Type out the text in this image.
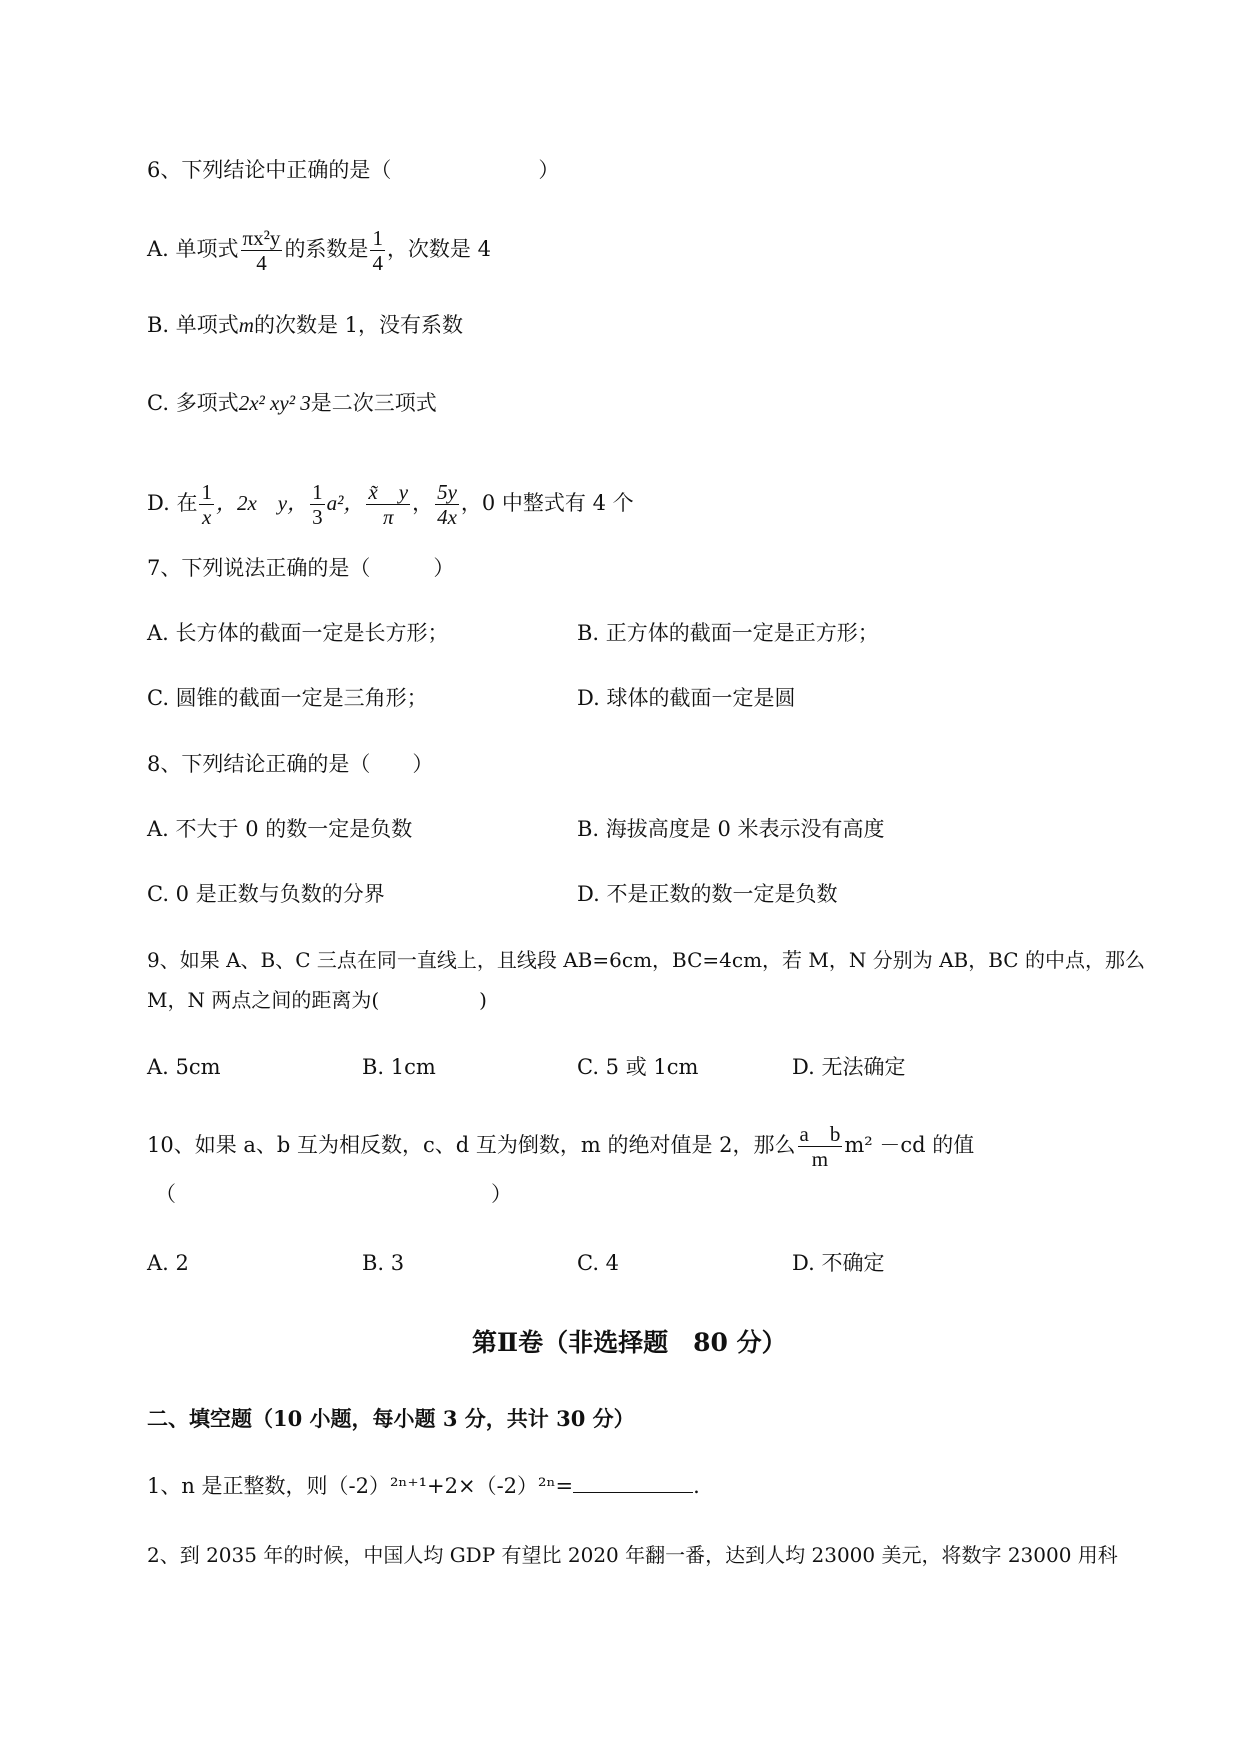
6、下列结论中正确的是（　　　　　　　）
A. 单项式 $\frac{\text{πx²y}}{4}$ 的系数是 $\frac{1}{4}$ ，次数是 4
B. 单项式m的次数是 1，没有系数
C. 多项式2x² xy² 3是二次三项式
D. 在 $\frac{1}{x}$ ，2x　y， $\frac{1}{3} a^2$， $\frac{x̃ y}{\pi}$ ， $\frac{5y}{4x}$ ，0 中整式有 4 个
7、下列说法正确的是（　　　）
A. 长方体的截面一定是长方形；	B. 正方体的截面一定是正方形；
C. 圆锥的截面一定是三角形；	D. 球体的截面一定是圆
8、下列结论正确的是（　　）
A. 不大于 0 的数一定是负数	B. 海拔高度是 0 米表示没有高度
C. 0 是正数与负数的分界	D. 不是正数的数一定是负数
9、如果 A、B、C 三点在同一直线上，且线段 AB=6cm，BC=4cm，若 M，N 分别为 AB，BC 的中点，那么
M，N 两点之间的距离为(　　　　　)
A. 5cm	B. 1cm	C. 5 或 1cm	D. 无法确定
10、如果 a、b 互为相反数，c、d 互为倒数，m 的绝对值是 2，那么 $\frac{\text{a　b}}{m} m^2 -cd$ 的值
（　　　　　　　　　　　　　　　）
A. 2	B. 3	C. 4	D. 不确定
第Ⅱ卷（非选择题　80 分）
二、填空题（10 小题，每小题 3 分，共计 30 分）
1、n 是正整数，则（-2）²ⁿ⁺¹+2×（-2）²ⁿ=	.
2、到 2035 年的时候，中国人均 GDP 有望比 2020 年翻一番，达到人均 23000 美元，将数字 23000 用科
